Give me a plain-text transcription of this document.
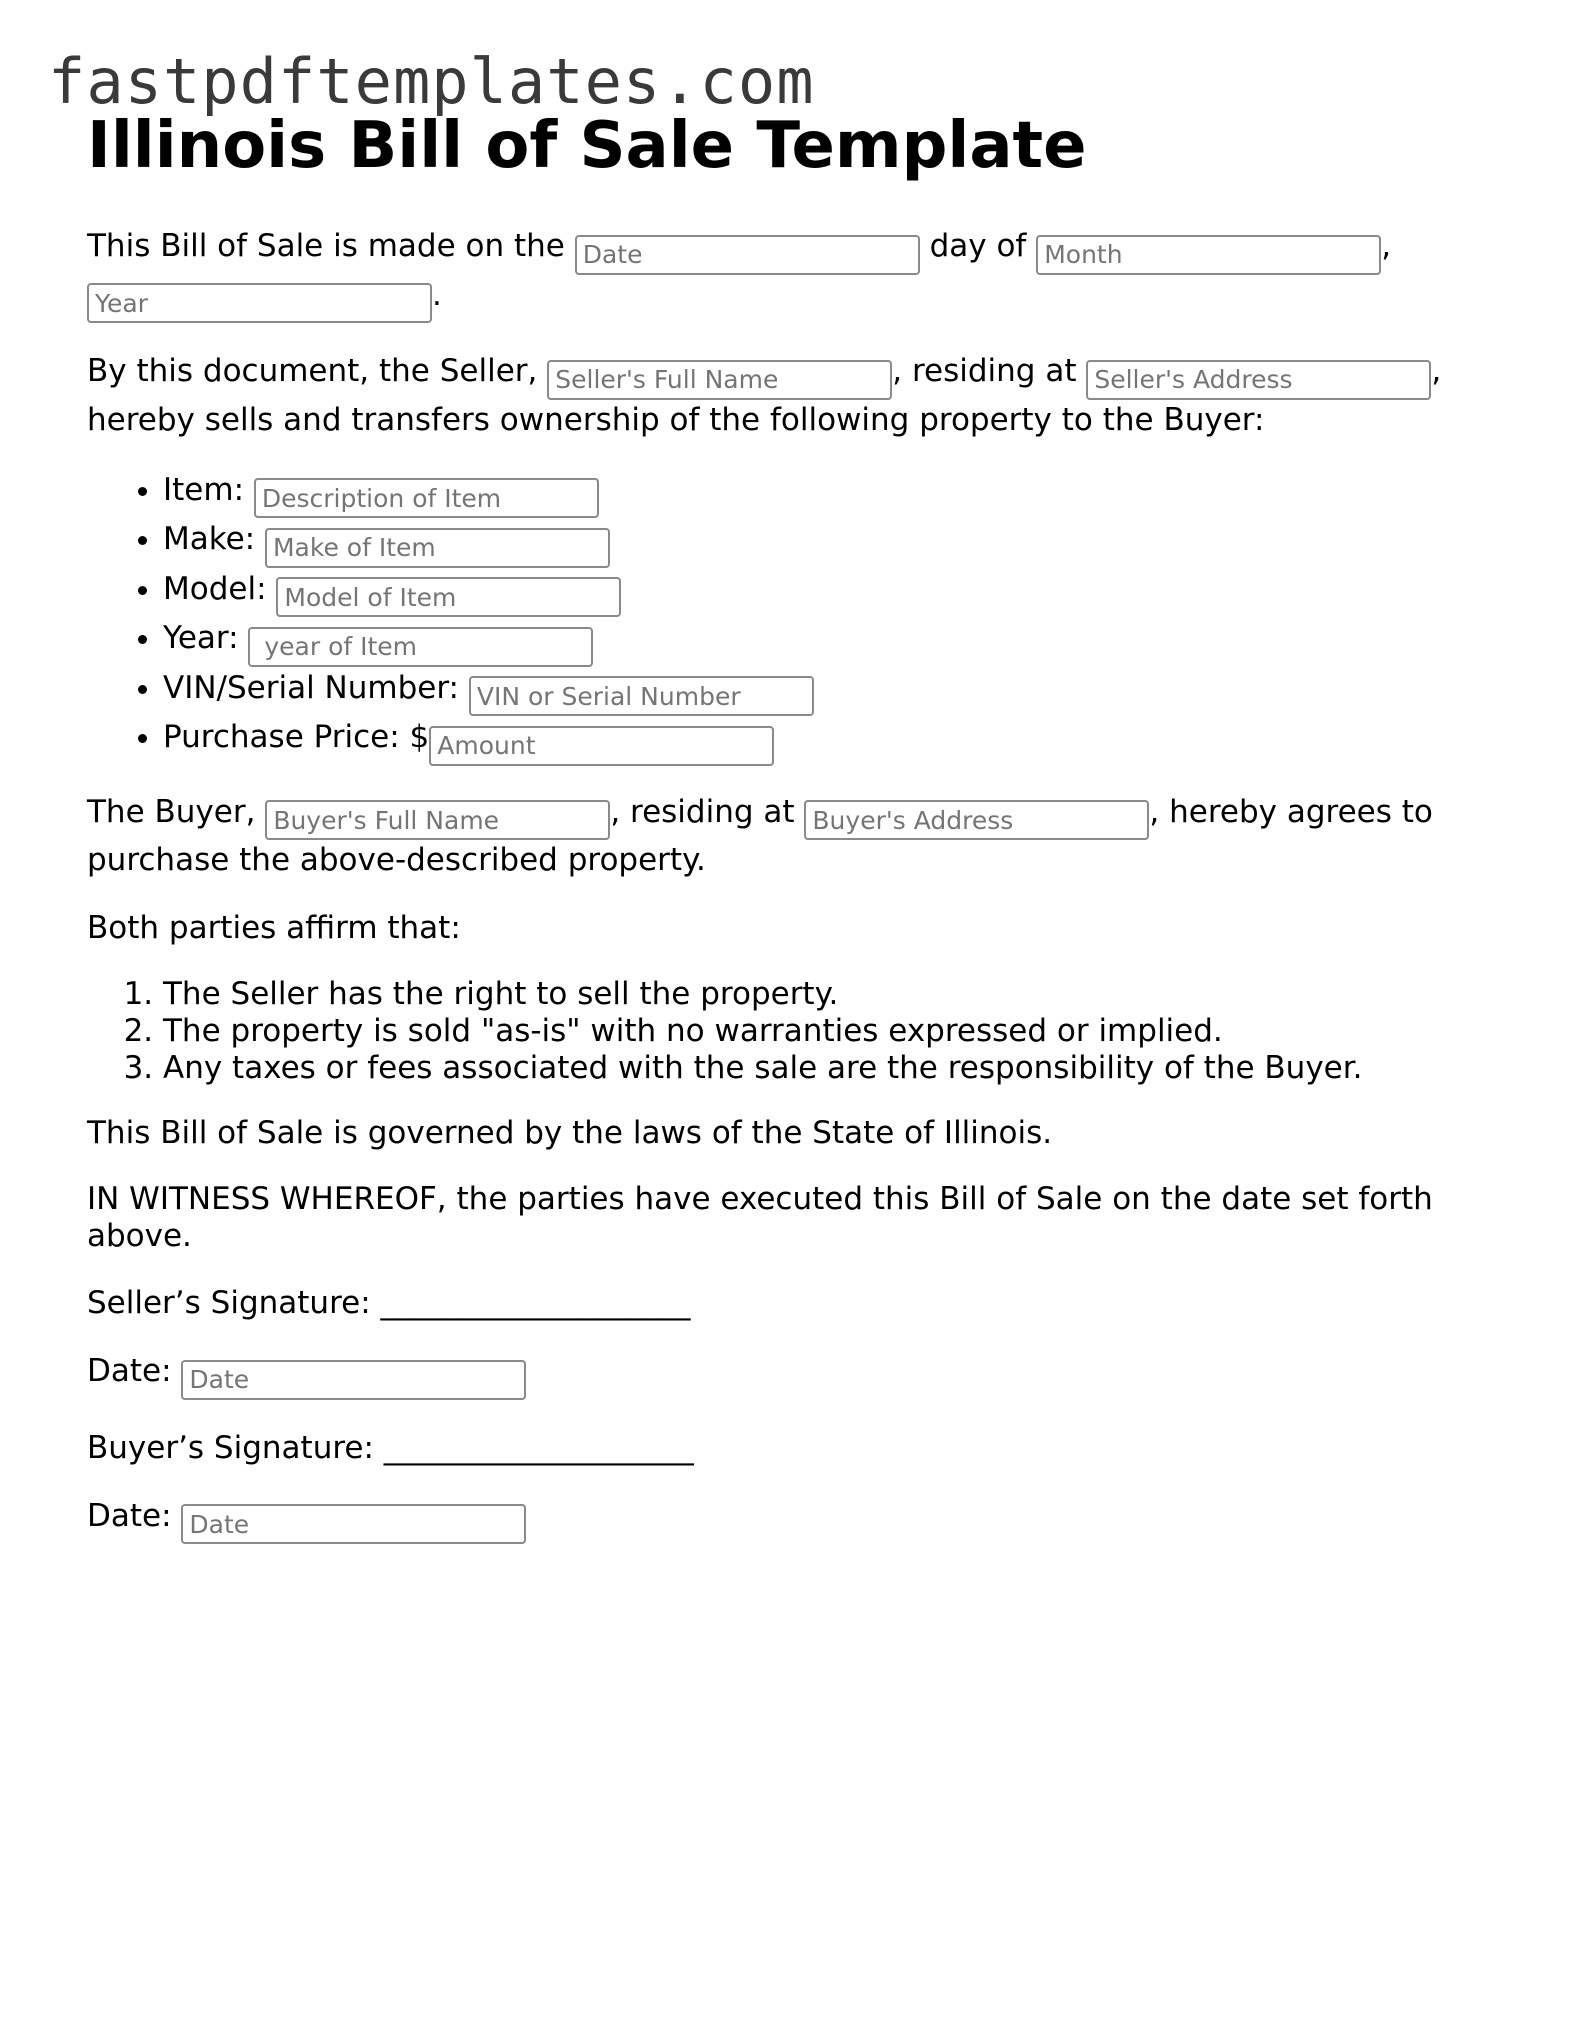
fastpdftemplates.com
Illinois Bill of Sale Template

This Bill of Sale is made on the Date	day of Month	,
Year.

By this document, the Seller, Seller's Full Name	, residing at Seller's Address	,
hereby sells and transfers ownership of the following property to the Buyer:

• Item: Description of Item
• Make: Make of Item
• Model: Model of Item
• Year:  year of Item
• VIN/Serial Number: VIN or Serial Number
• Purchase Price: $Amount

The Buyer, Buyer's Full Name	, residing at Buyer's Address	, hereby agrees to purchase the above-described property.

Both parties affirm that:

1. The Seller has the right to sell the property.
2. The property is sold "as-is" with no warranties expressed or implied.
3. Any taxes or fees associated with the sale are the responsibility of the Buyer.

This Bill of Sale is governed by the laws of the State of Illinois.

IN WITNESS WHEREOF, the parties have executed this Bill of Sale on the date set forth above.

Seller’s Signature: ____________________

Date: Date

Buyer’s Signature: ____________________

Date: Date
